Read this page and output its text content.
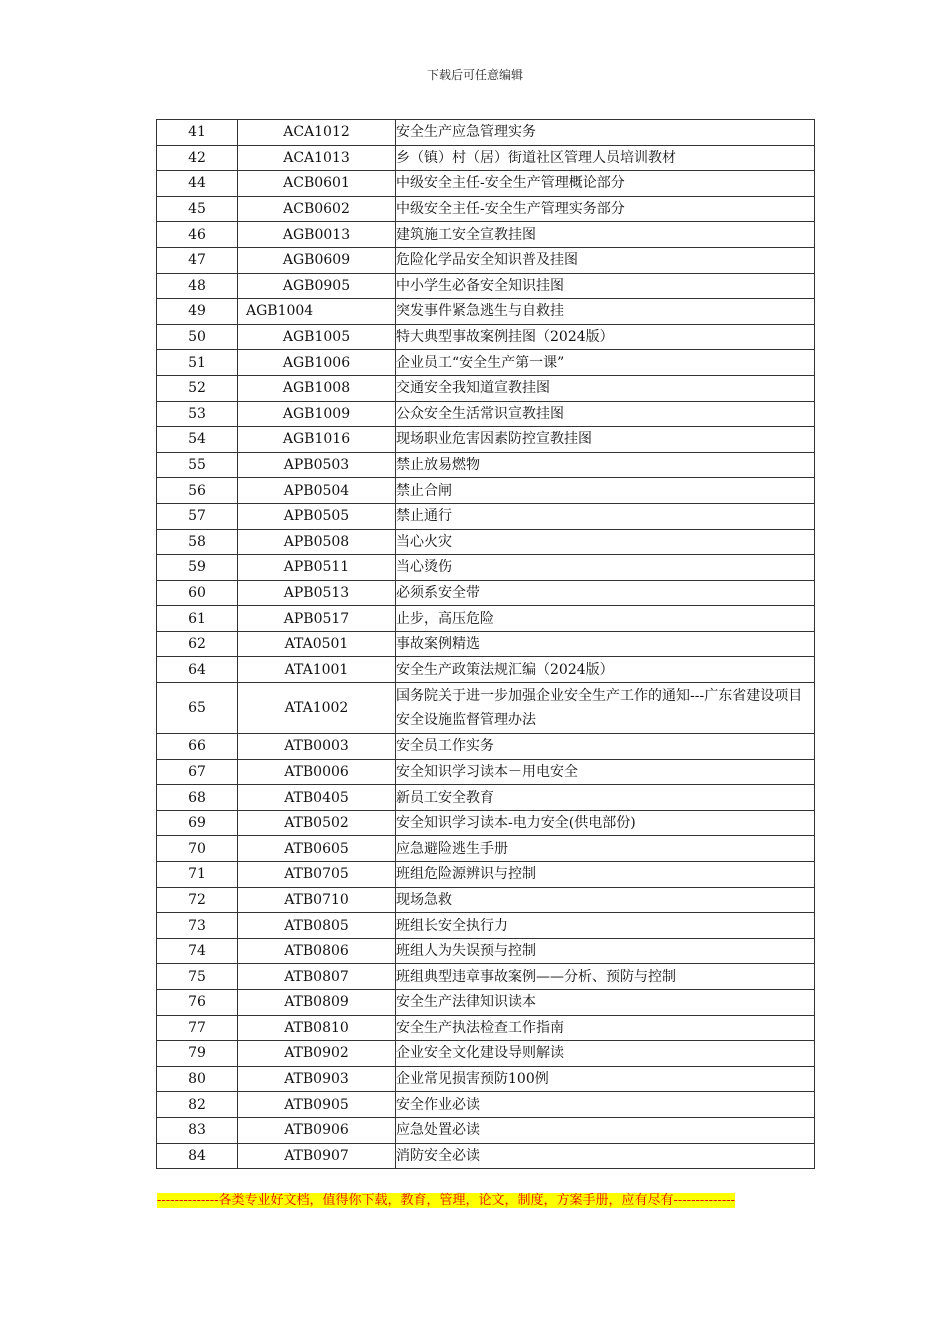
下载后可任意编辑
41	ACA1012	安全生产应急管理实务
42	ACA1013	乡（镇）村（居）街道社区管理人员培训教材
44	ACB0601	中级安全主任-安全生产管理概论部分
45	ACB0602	中级安全主任-安全生产管理实务部分
46	AGB0013	建筑施工安全宣教挂图
47	AGB0609	危险化学品安全知识普及挂图
48	AGB0905	中小学生必备安全知识挂图
49	AGB1004	突发事件紧急逃生与自救挂
50	AGB1005	特大典型事故案例挂图（2024版）
51	AGB1006	企业员工“安全生产第一课”
52	AGB1008	交通安全我知道宣教挂图
53	AGB1009	公众安全生活常识宣教挂图
54	AGB1016	现场职业危害因素防控宣教挂图
55	APB0503	禁止放易燃物
56	APB0504	禁止合闸
57	APB0505	禁止通行
58	APB0508	当心火灾
59	APB0511	当心烫伤
60	APB0513	必须系安全带
61	APB0517	止步，高压危险
62	ATA0501	事故案例精选
64	ATA1001	安全生产政策法规汇编（2024版）
65	ATA1002	国务院关于进一步加强企业安全生产工作的通知---广东省建设项目安全设施监督管理办法
66	ATB0003	安全员工作实务
67	ATB0006	安全知识学习读本－用电安全
68	ATB0405	新员工安全教育
69	ATB0502	安全知识学习读本-电力安全(供电部份)
70	ATB0605	应急避险逃生手册
71	ATB0705	班组危险源辨识与控制
72	ATB0710	现场急救
73	ATB0805	班组长安全执行力
74	ATB0806	班组人为失误预与控制
75	ATB0807	班组典型违章事故案例——分析、预防与控制
76	ATB0809	安全生产法律知识读本
77	ATB0810	安全生产执法检查工作指南
79	ATB0902	企业安全文化建设导则解读
80	ATB0903	企业常见损害预防100例
82	ATB0905	安全作业必读
83	ATB0906	应急处置必读
84	ATB0907	消防安全必读
--------------各类专业好文档，值得你下载，教育，管理，论文，制度，方案手册，应有尽有--------------
